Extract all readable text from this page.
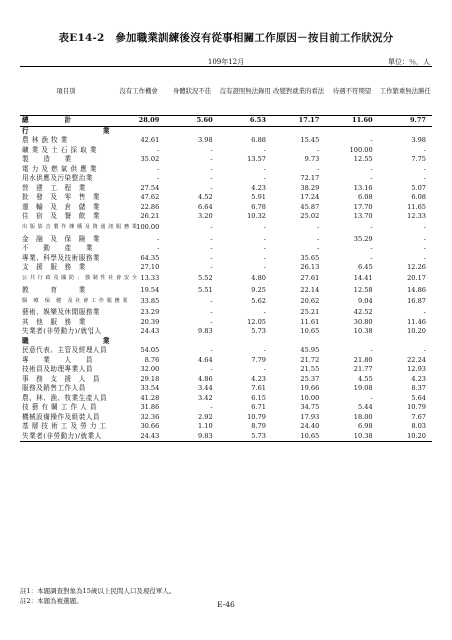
表E14-2　參加職業訓練後沒有從事相關工作原因－按目前工作狀況分
109年12月	單位：％，人
項目別	沒有工作機會	身體狀況不佳	沒有證照無法錄用	改變對就業的看法	待遇不符期望	工作繁重無法勝任
總　　　　　計	28.09	5.60	6.53	17.17	11.60	9.77

行 業						

農 林 漁 牧 業	42.61	3.98	6.88	15.45	-	3.98
礦 業 及 土 石 採 取 業	-	-	-	-	100.00	-
製　　造　　業	35.02	-	13.57	9.73	12.55	7.75
電 力 及 燃 氣 供 應 業	-	-	-	-	-	-
用水供應及污染整治業	-	-	-	72.17	-	-
營　建　工　程　業	27.54	-	4.23	38.29	13.16	5.07
批　發　及　零　售　業	47.62	4.52	5.91	17.24	6.08	6.08
運　輸　及　倉　儲　業	22.86	6.64	6.78	45.87	17.70	11.65
住　宿　及　餐　飲　業	26.21	3.20	10.32	25.02	13.70	12.33
出 版 影 音 製 作 傳 播 及 資 通 訊 服 務 業	100.00	-	-	-	-	-
金　融　及　保　險　業	-	-	-	-	35.29	-
不　　動　　產　　業	-	-	-	-	-	-
專業、科學及技術服務業	64.35	-	-	35.65	-	-
支　援　服　務　業	27.10	-	-	26.13	6.45	12.26
公 共 行 政 及 國 防 ； 強 制 性 社 會 安 全	13.33	5.52	4.80	27.61	14.41	20.17
教　　　育　　　業	19.54	5.51	9.25	22.14	12.58	14.86
醫　療　保　健　及 社 會 工 作 服 務 業	33.85	-	5.62	20.62	9.04	16.87
藝術、娛樂及休閒服務業	23.29	-	-	25.21	42.52	-
其　他　服　務　業	20.39	-	12.05	11.61	30.80	11.46
失業者(非勞動力)/就업人	24.43	9.83	5.73	10.65	10.38	10.20

職 業						

民意代表、主管及經理人員	54.05	-	-	45.95	-	-
專　　業　　人　　員	8.76	4.64	7.79	21.72	21.80	22.24
技術員及助理專業人員	32.00	-	-	21.55	21.77	12.93
事　務　支　援　人　員	29.18	4.86	4.23	25.37	4.55	4.23
服務及銷售工作人員	33.54	3.44	7.61	19.66	19.08	8.37
農、林、漁、牧業生產人員	41.28	3.42	6.15	10.00	-	5.64
技 藝 有 關 工 作 人 員	31.86	-	6.71	34.75	5.44	10.79
機械設備操作及組裝人員	32.36	2.92	10.79	17.93	18.00	7.67
基 層 技 術 工 及 勞 力 工	30.66	1.10	8.79	24.40	6.98	8.03
失業者(非勞動力)/就業人	24.43	9.83	5.73	10.65	10.38	10.20
註1：本題調查對象為15歲以上民間人口及現役軍人。
註2：本題為複選題。	E-46
